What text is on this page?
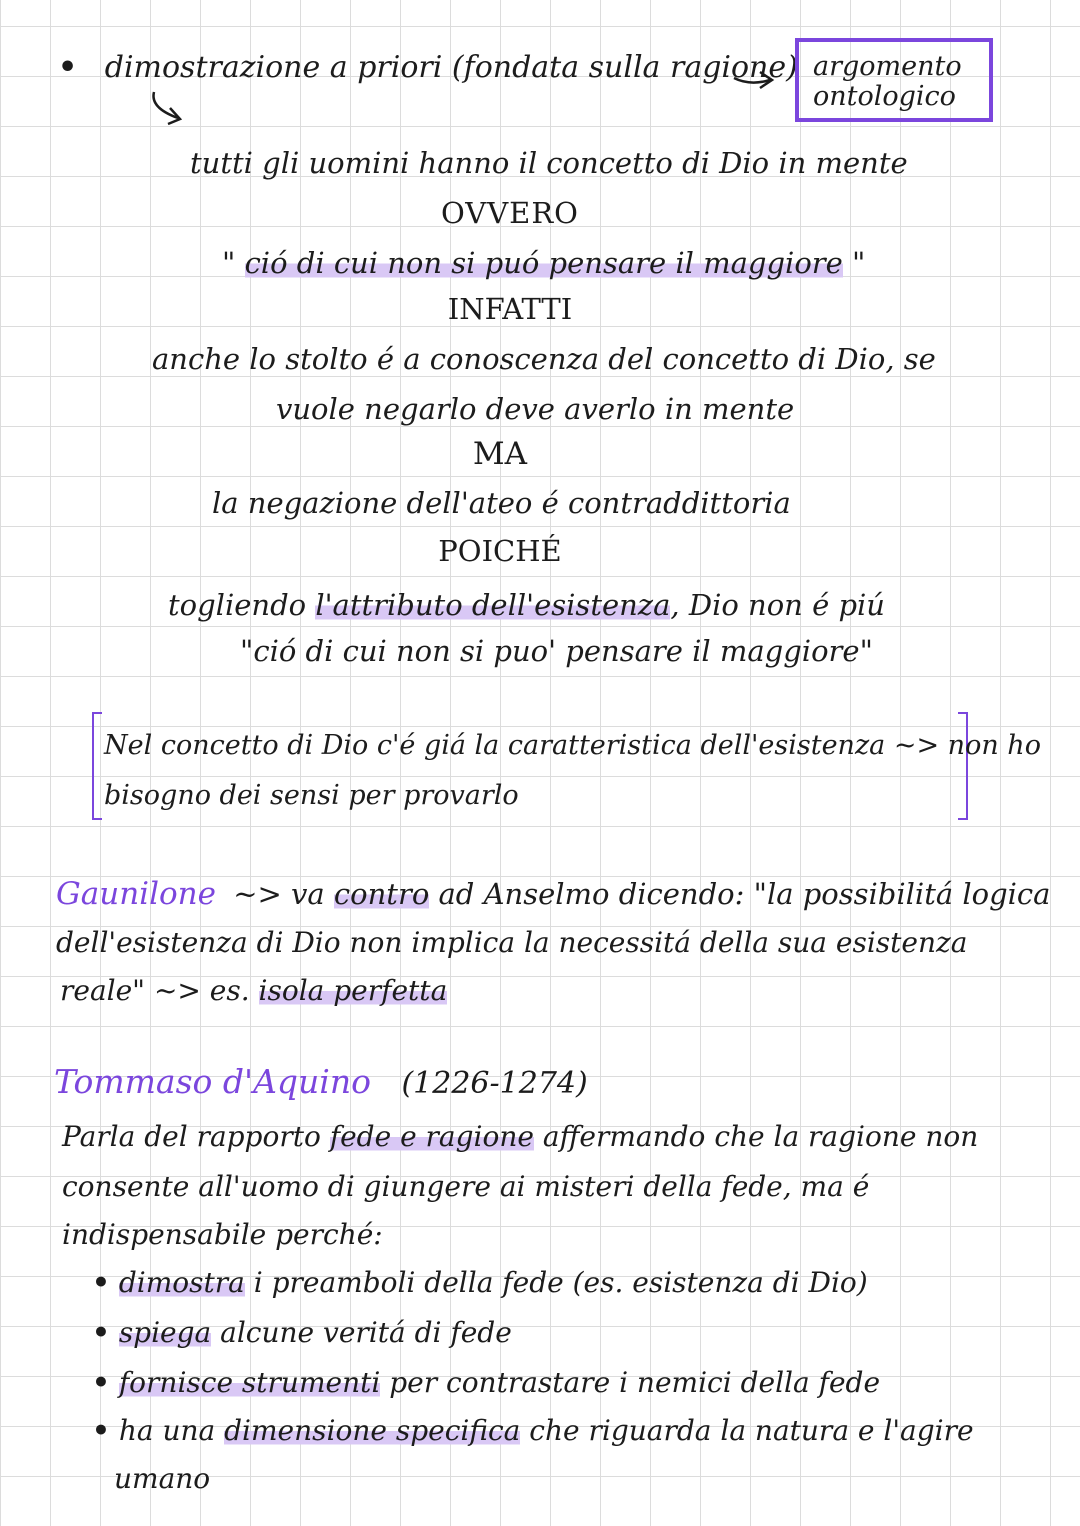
• dimostrazione a priori (fondata sulla ragione) argomento
ontologico
tutti gli uomini hanno il concetto di Dio in mente
OVVERO
" ció di cui non si puó pensare il maggiore "
INFATTI
anche lo stolto é a conoscenza del concetto di Dio, se
vuole negarlo deve averlo in mente
MA
la negazione dell'ateo é contraddittoria
POICHÉ
togliendo l'attributo dell'esistenza, Dio non é piú
"ció di cui non si puo' pensare il maggiore"
Nel concetto di Dio c'é giá la caratteristica dell'esistenza ~> non ho
bisogno dei sensi per provarlo
Gaunilone ~> va contro ad Anselmo dicendo: "la possibilitá logica
dell'esistenza di Dio non implica la necessitá della sua esistenza
reale" ~> es. isola perfetta
Tommaso d'Aquino (1226-1274)
Parla del rapporto fede e ragione affermando che la ragione non
consente all'uomo di giungere ai misteri della fede, ma é
indispensabile perché:
• dimostra i preamboli della fede (es. esistenza di Dio)
• spiega alcune veritá di fede
• fornisce strumenti per contrastare i nemici della fede
• ha una dimensione specifica che riguarda la natura e l'agire
umano
